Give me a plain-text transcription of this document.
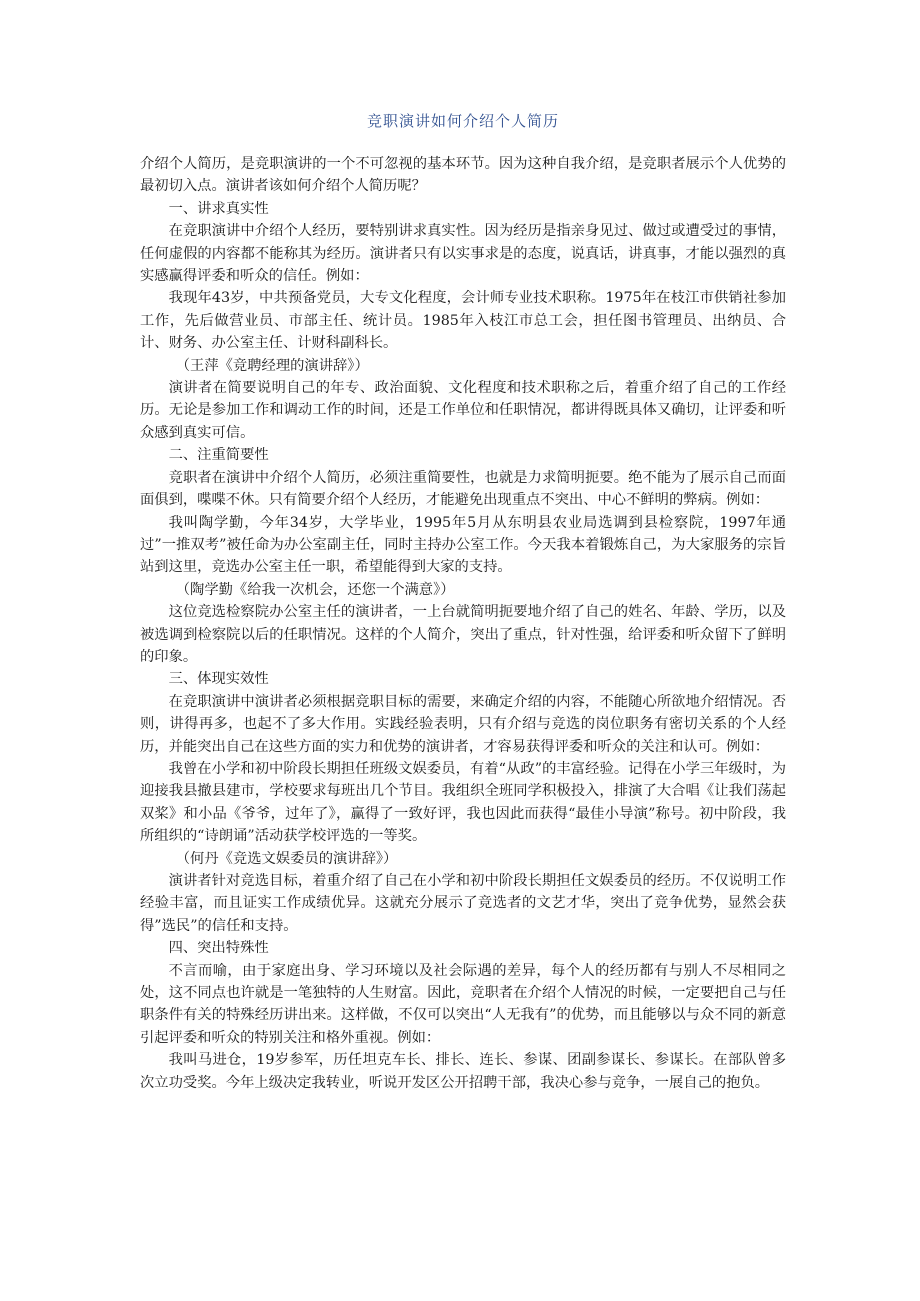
竞职演讲如何介绍个人简历

介绍个人简历，是竞职演讲的一个不可忽视的基本环节。因为这种自我介绍，是竞职者展示个人优势的最初切入点。演讲者该如何介绍个人简历呢？

一、讲求真实性

在竞职演讲中介绍个人经历，要特别讲求真实性。因为经历是指亲身见过、做过或遭受过的事情，任何虚假的内容都不能称其为经历。演讲者只有以实事求是的态度，说真话，讲真事，才能以强烈的真实感赢得评委和听众的信任。例如：

我现年43岁，中共预备党员，大专文化程度，会计师专业技术职称。1975年在枝江市供销社参加工作，先后做营业员、市部主任、统计员。1985年入枝江市总工会，担任图书管理员、出纳员、合计、财务、办公室主任、计财科副科长。

（王萍《竞聘经理的演讲辞》）

演讲者在简要说明自己的年专、政治面貌、文化程度和技术职称之后，着重介绍了自己的工作经历。无论是参加工作和调动工作的时间，还是工作单位和任职情况，都讲得既具体又确切，让评委和听众感到真实可信。

二、注重简要性

竞职者在演讲中介绍个人简历，必须注重简要性，也就是力求简明扼要。绝不能为了展示自己而面面俱到，喋喋不休。只有简要介绍个人经历，才能避免出现重点不突出、中心不鲜明的弊病。例如：

我叫陶学勤，今年34岁，大学毕业，1995年5月从东明县农业局选调到县检察院，1997年通过”一推双考”被任命为办公室副主任，同时主持办公室工作。今天我本着锻炼自己，为大家服务的宗旨站到这里，竞选办公室主任一职，希望能得到大家的支持。

（陶学勤《给我一次机会，还您一个满意》）

这位竞选检察院办公室主任的演讲者，一上台就简明扼要地介绍了自己的姓名、年龄、学历，以及被选调到检察院以后的任职情况。这样的个人简介，突出了重点，针对性强，给评委和听众留下了鲜明的印象。

三、体现实效性

在竞职演讲中演讲者必须根据竞职目标的需要，来确定介绍的内容，不能随心所欲地介绍情况。否则，讲得再多，也起不了多大作用。实践经验表明，只有介绍与竞选的岗位职务有密切关系的个人经历，并能突出自己在这些方面的实力和优势的演讲者，才容易获得评委和听众的关注和认可。例如：

我曾在小学和初中阶段长期担任班级文娱委员，有着“从政”的丰富经验。记得在小学三年级时，为迎接我县撤县建市，学校要求每班出几个节目。我组织全班同学积极投入，排演了大合唱《让我们荡起双桨》和小品《爷爷，过年了》，赢得了一致好评，我也因此而获得“最佳小导演”称号。初中阶段，我所组织的“诗朗诵”活动获学校评选的一等奖。

（何丹《竞选文娱委员的演讲辞》）

演讲者针对竞选目标，着重介绍了自己在小学和初中阶段长期担任文娱委员的经历。不仅说明工作经验丰富，而且证实工作成绩优异。这就充分展示了竞选者的文艺才华，突出了竞争优势，显然会获得”选民”的信任和支持。

四、突出特殊性

不言而喻，由于家庭出身、学习环境以及社会际遇的差异，每个人的经历都有与别人不尽相同之处，这不同点也许就是一笔独特的人生财富。因此，竞职者在介绍个人情况的时候，一定要把自己与任职条件有关的特殊经历讲出来。这样做，不仅可以突出“人无我有”的优势，而且能够以与众不同的新意引起评委和听众的特别关注和格外重视。例如：

我叫马进仓，19岁参军，历任坦克车长、排长、连长、参谋、团副参谋长、参谋长。在部队曾多次立功受奖。今年上级决定我转业，听说开发区公开招聘干部，我决心参与竞争，一展自己的抱负。
